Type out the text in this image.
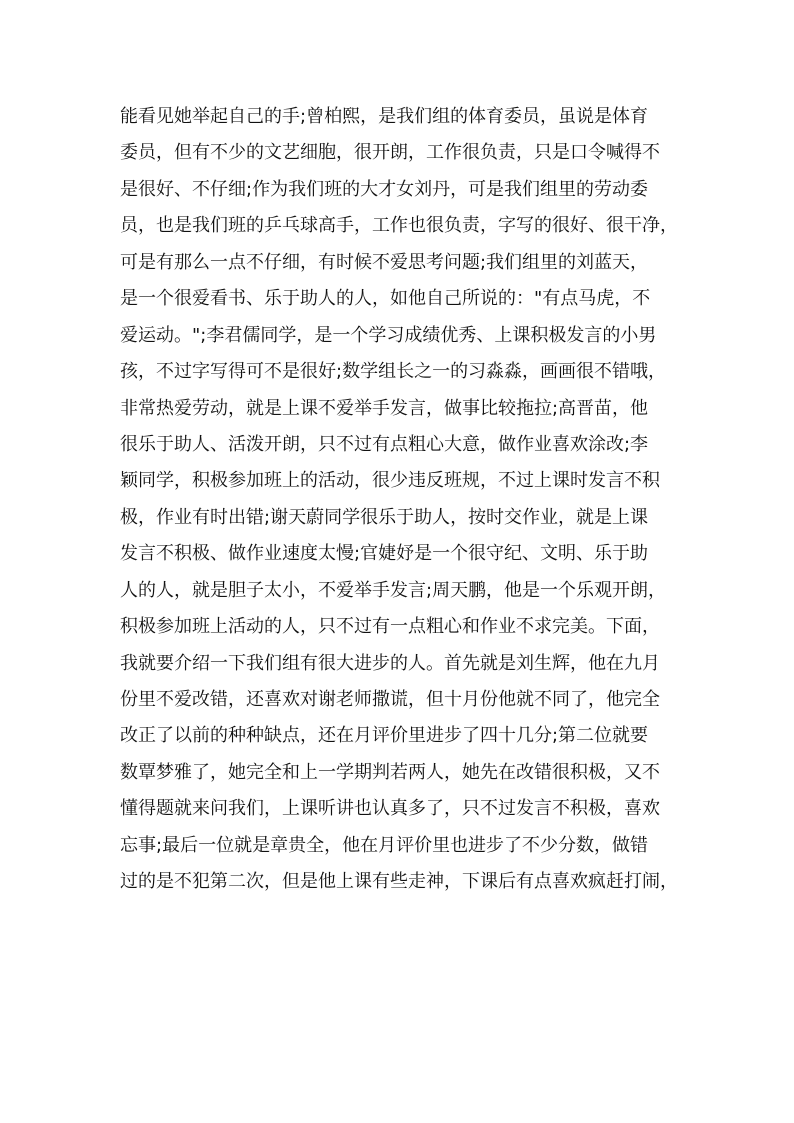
能看见她举起自己的手;曾柏熙，是我们组的体育委员，虽说是体育
委员，但有不少的文艺细胞，很开朗，工作很负责，只是口令喊得不
是很好、不仔细;作为我们班的大才女刘丹，可是我们组里的劳动委
员，也是我们班的乒乓球高手，工作也很负责，字写的很好、很干净，
可是有那么一点不仔细，有时候不爱思考问题;我们组里的刘蓝天，
是一个很爱看书、乐于助人的人，如他自己所说的："有点马虎，不
爱运动。";李君儒同学，是一个学习成绩优秀、上课积极发言的小男
孩，不过字写得可不是很好;数学组长之一的习淼淼，画画很不错哦，
非常热爱劳动，就是上课不爱举手发言，做事比较拖拉;高晋苗，他
很乐于助人、活泼开朗，只不过有点粗心大意，做作业喜欢涂改;李
颖同学，积极参加班上的活动，很少违反班规，不过上课时发言不积
极，作业有时出错;谢天蔚同学很乐于助人，按时交作业，就是上课
发言不积极、做作业速度太慢;官婕妤是一个很守纪、文明、乐于助
人的人，就是胆子太小，不爱举手发言;周天鹏，他是一个乐观开朗，
积极参加班上活动的人，只不过有一点粗心和作业不求完美。下面，
我就要介绍一下我们组有很大进步的人。首先就是刘生辉，他在九月
份里不爱改错，还喜欢对谢老师撒谎，但十月份他就不同了，他完全
改正了以前的种种缺点，还在月评价里进步了四十几分;第二位就要
数覃梦雅了，她完全和上一学期判若两人，她先在改错很积极，又不
懂得题就来问我们，上课听讲也认真多了，只不过发言不积极，喜欢
忘事;最后一位就是章贵全，他在月评价里也进步了不少分数，做错
过的是不犯第二次，但是他上课有些走神，下课后有点喜欢疯赶打闹，
